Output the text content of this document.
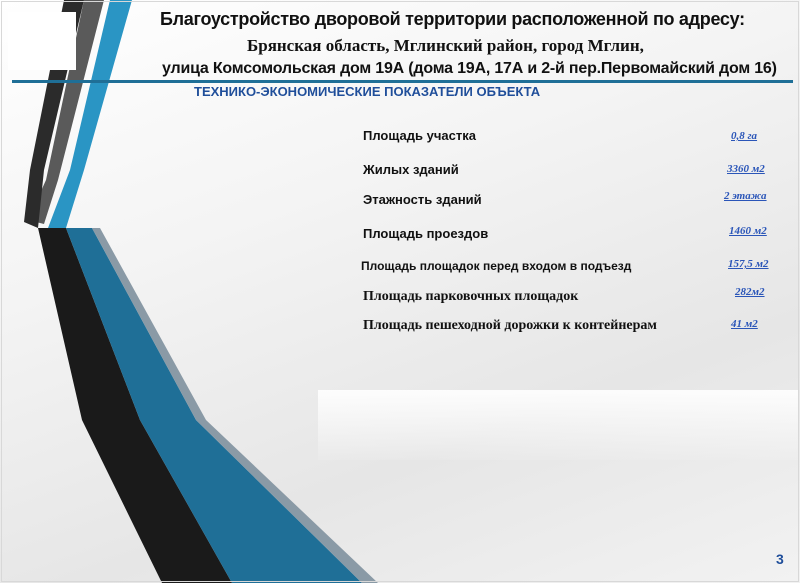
Благоустройство дворовой территории расположенной по адресу:
Брянская область, Мглинский район, город Мглин,
улица Комсомольская дом 19А (дома 19А, 17А и 2-й пер.Первомайский дом 16)
ТЕХНИКО-ЭКОНОМИЧЕСКИЕ ПОКАЗАТЕЛИ ОБЪЕКТА
Площадь участка	0,8 га
Жилых зданий	3360 м2
Этажность зданий	2 этажа
Площадь проездов	1460 м2
Площадь площадок перед входом в подъезд	157,5 м2
Площадь парковочных площадок	282м2
Площадь пешеходной дорожки к контейнерам	41 м2
3
